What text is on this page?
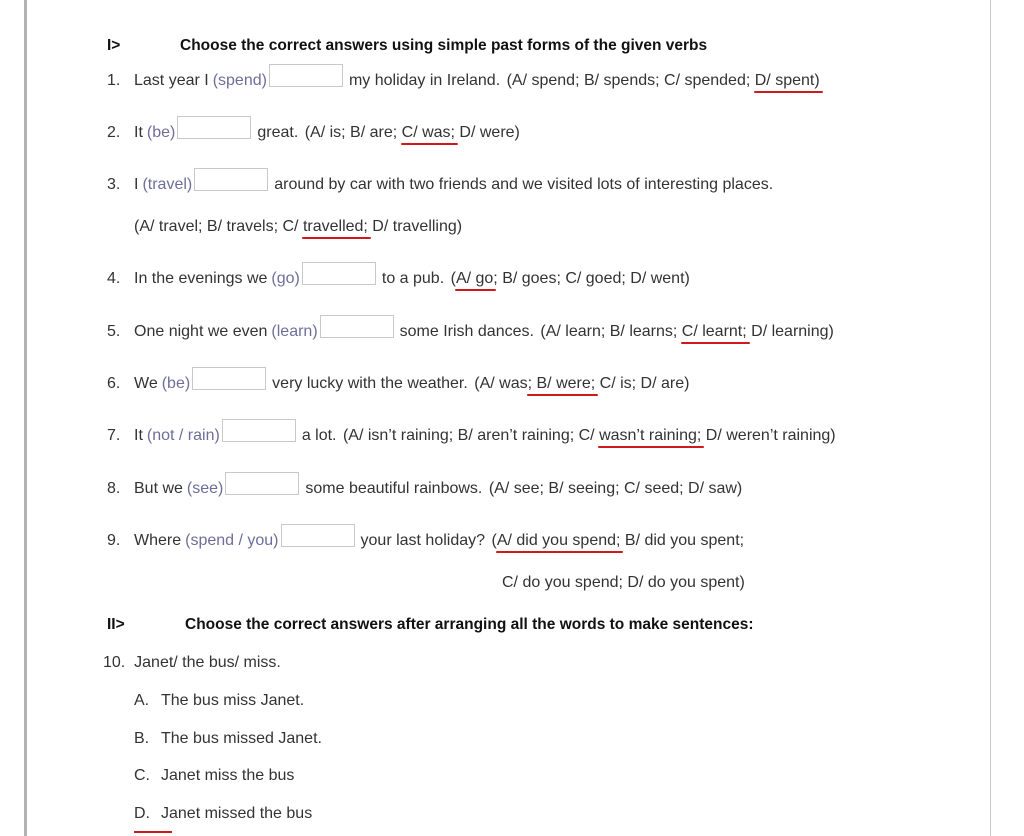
I>	Choose the correct answers using simple past forms of the given verbs
1. Last year I (spend)	my holiday in Ireland.
(A/ spend; B/ spends; C/ spended; D/ spent)
2. It (be)	great.
(A/ is; B/ are; C/ was; D/ were)
3. I (travel)	around by car with two friends and we visited lots of interesting places.
(A/ travel; B/ travels; C/ travelled; D/ travelling)
4. In the evenings we (go)	to a pub.
(A/ go; B/ goes; C/ goed; D/ went)
5. One night we even (learn)	some Irish dances.
(A/ learn; B/ learns; C/ learnt; D/ learning)
6. We (be)	very lucky with the weather.
(A/ was; B/ were; C/ is; D/ are)
7. It (not / rain)	a lot.
(A/ isn’t raining; B/ aren’t raining; C/ wasn’t raining; D/ weren’t raining)
8. But we (see)	some beautiful rainbows.
(A/ see; B/ seeing; C/ seed; D/ saw)
9. Where (spend / you)	your last holiday?
(A/ did you spend; B/ did you spent;
C/ do you spend; D/ do you spent)
II>	Choose the correct answers after arranging all the words to make sentences:
10. Janet/ the bus/ miss.
A. The bus miss Janet.
B. The bus missed Janet.
C. Janet miss the bus
D. Janet missed the bus
